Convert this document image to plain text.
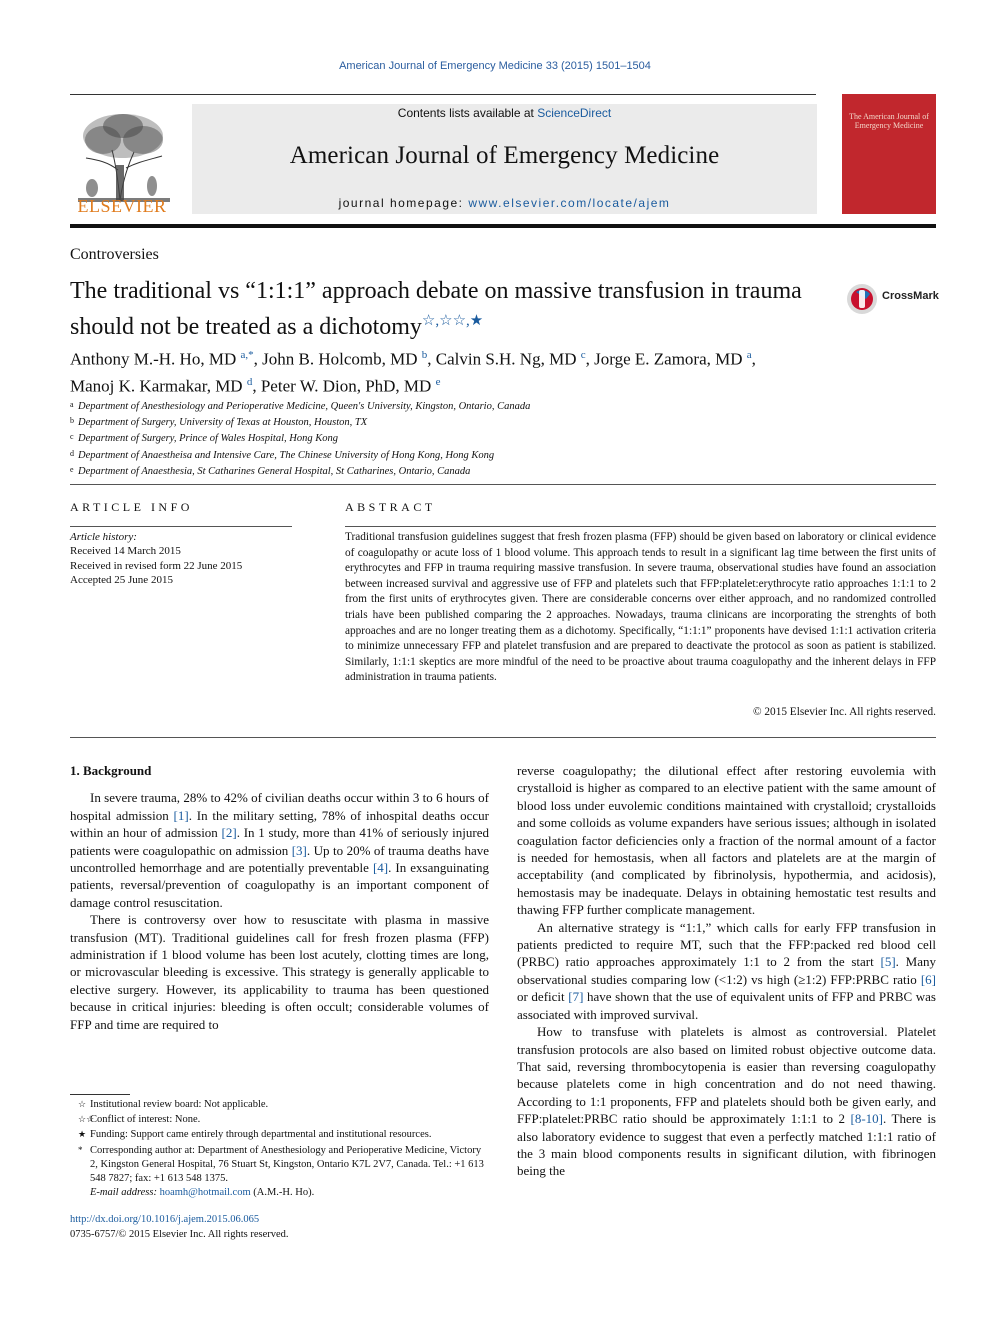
American Journal of Emergency Medicine 33 (2015) 1501–1504
ELSEVIER
Contents lists available at ScienceDirect
American Journal of Emergency Medicine
journal homepage: www.elsevier.com/locate/ajem
The American Journal of Emergency Medicine
Controversies
The traditional vs “1:1:1” approach debate on massive transfusion in trauma should not be treated as a dichotomy☆,☆☆,★
CrossMark
Anthony M.-H. Ho, MD $^{a,*}$, John B. Holcomb, MD $^b$, Calvin S.H. Ng, MD $^c$, Jorge E. Zamora, MD $^a$,
Manoj K. Karmakar, MD $^d$, Peter W. Dion, PhD, MD $^e$
a Department of Anesthesiology and Perioperative Medicine, Queen's University, Kingston, Ontario, Canada
b Department of Surgery, University of Texas at Houston, Houston, TX
c Department of Surgery, Prince of Wales Hospital, Hong Kong
d Department of Anaestheisa and Intensive Care, The Chinese University of Hong Kong, Hong Kong
e Department of Anaesthesia, St Catharines General Hospital, St Catharines, Ontario, Canada
ARTICLE INFO
Article history:
Received 14 March 2015
Received in revised form 22 June 2015
Accepted 25 June 2015
ABSTRACT
Traditional transfusion guidelines suggest that fresh frozen plasma (FFP) should be given based on laboratory or clinical evidence of coagulopathy or acute loss of 1 blood volume. This approach tends to result in a significant lag time between the first units of erythrocytes and FFP in trauma requiring massive transfusion. In severe trauma, observational studies have found an association between increased survival and aggressive use of FFP and platelets such that FFP:platelet:erythrocyte ratio approaches 1:1:1 to 2 from the first units of erythrocytes given. There are considerable concerns over either approach, and no randomized controlled trials have been published comparing the 2 approaches. Nowadays, trauma clinicans are incorporating the strenghts of both approaches and are no longer treating them as a dichotomy. Specifically, “1:1:1” proponents have devised 1:1:1 activation criteria to minimize unnecessary FFP and platelet transfusion and are prepared to deactivate the protocol as soon as patient is stabilized. Similarly, 1:1:1 skeptics are more mindful of the need to be proactive about trauma coagulopathy and the inherent delays in FFP administration in trauma patients.
© 2015 Elsevier Inc. All rights reserved.

1. Background

In severe trauma, 28% to 42% of civilian deaths occur within 3 to 6 hours of hospital admission [1]. In the military setting, 78% of inhospital deaths occur within an hour of admission [2]. In 1 study, more than 41% of seriously injured patients were coagulopathic on admission [3]. Up to 20% of trauma deaths have uncontrolled hemorrhage and are potentially preventable [4]. In exsanguinating patients, reversal/prevention of coagulopathy is an important component of damage control resuscitation.

There is controversy over how to resuscitate with plasma in massive transfusion (MT). Traditional guidelines call for fresh frozen plasma (FFP) administration if 1 blood volume has been lost acutely, clotting times are long, or microvascular bleeding is excessive. This strategy is generally applicable to elective surgery. However, its applicability to trauma has been questioned because in critical injuries: bleeding is often occult; considerable volumes of FFP and time are required to

reverse coagulopathy; the dilutional effect after restoring euvolemia with crystalloid is higher as compared to an elective patient with the same amount of blood loss under euvolemic conditions maintained with crystalloid; crystalloids and some colloids as volume expanders have serious issues; although in isolated coagulation factor deficiencies only a fraction of the normal amount of a factor is needed for hemostasis, when all factors and platelets are at the margin of acceptability (and complicated by fibrinolysis, hypothermia, and acidosis), hemostasis may be inadequate. Delays in obtaining hemostatic test results and thawing FFP further complicate management.

An alternative strategy is “1:1,” which calls for early FFP transfusion in patients predicted to require MT, such that the FFP:packed red blood cell (PRBC) ratio approaches approximately 1:1 to 2 from the start [5]. Many observational studies comparing low (<1:2) vs high (≥1:2) FFP:PRBC ratio [6] or deficit [7] have shown that the use of equivalent units of FFP and PRBC was associated with improved survival.

How to transfuse with platelets is almost as controversial. Platelet transfusion protocols are also based on limited robust objective outcome data. That said, reversing thrombocytopenia is easier than reversing coagulopathy because platelets come in high concentration and do not need thawing. According to 1:1 proponents, FFP and platelets should both be given early, and FFP:platelet:PRBC ratio should be approximately 1:1:1 to 2 [8-10]. There is also laboratory evidence to suggest that even a perfectly matched 1:1:1 ratio of the 3 main blood components results in significant dilution, with fibrinogen being the

☆ Institutional review board: Not applicable.
☆☆Conflict of interest: None.
★ Funding: Support came entirely through departmental and institutional resources.
* Corresponding author at: Department of Anesthesiology and Perioperative Medicine, Victory 2, Kingston General Hospital, 76 Stuart St, Kingston, Ontario K7L 2V7, Canada. Tel.: +1 613 548 7827; fax: +1 613 548 1375.
E-mail address: hoamh@hotmail.com (A.M.-H. Ho).
http://dx.doi.org/10.1016/j.ajem.2015.06.065
0735-6757/© 2015 Elsevier Inc. All rights reserved.
